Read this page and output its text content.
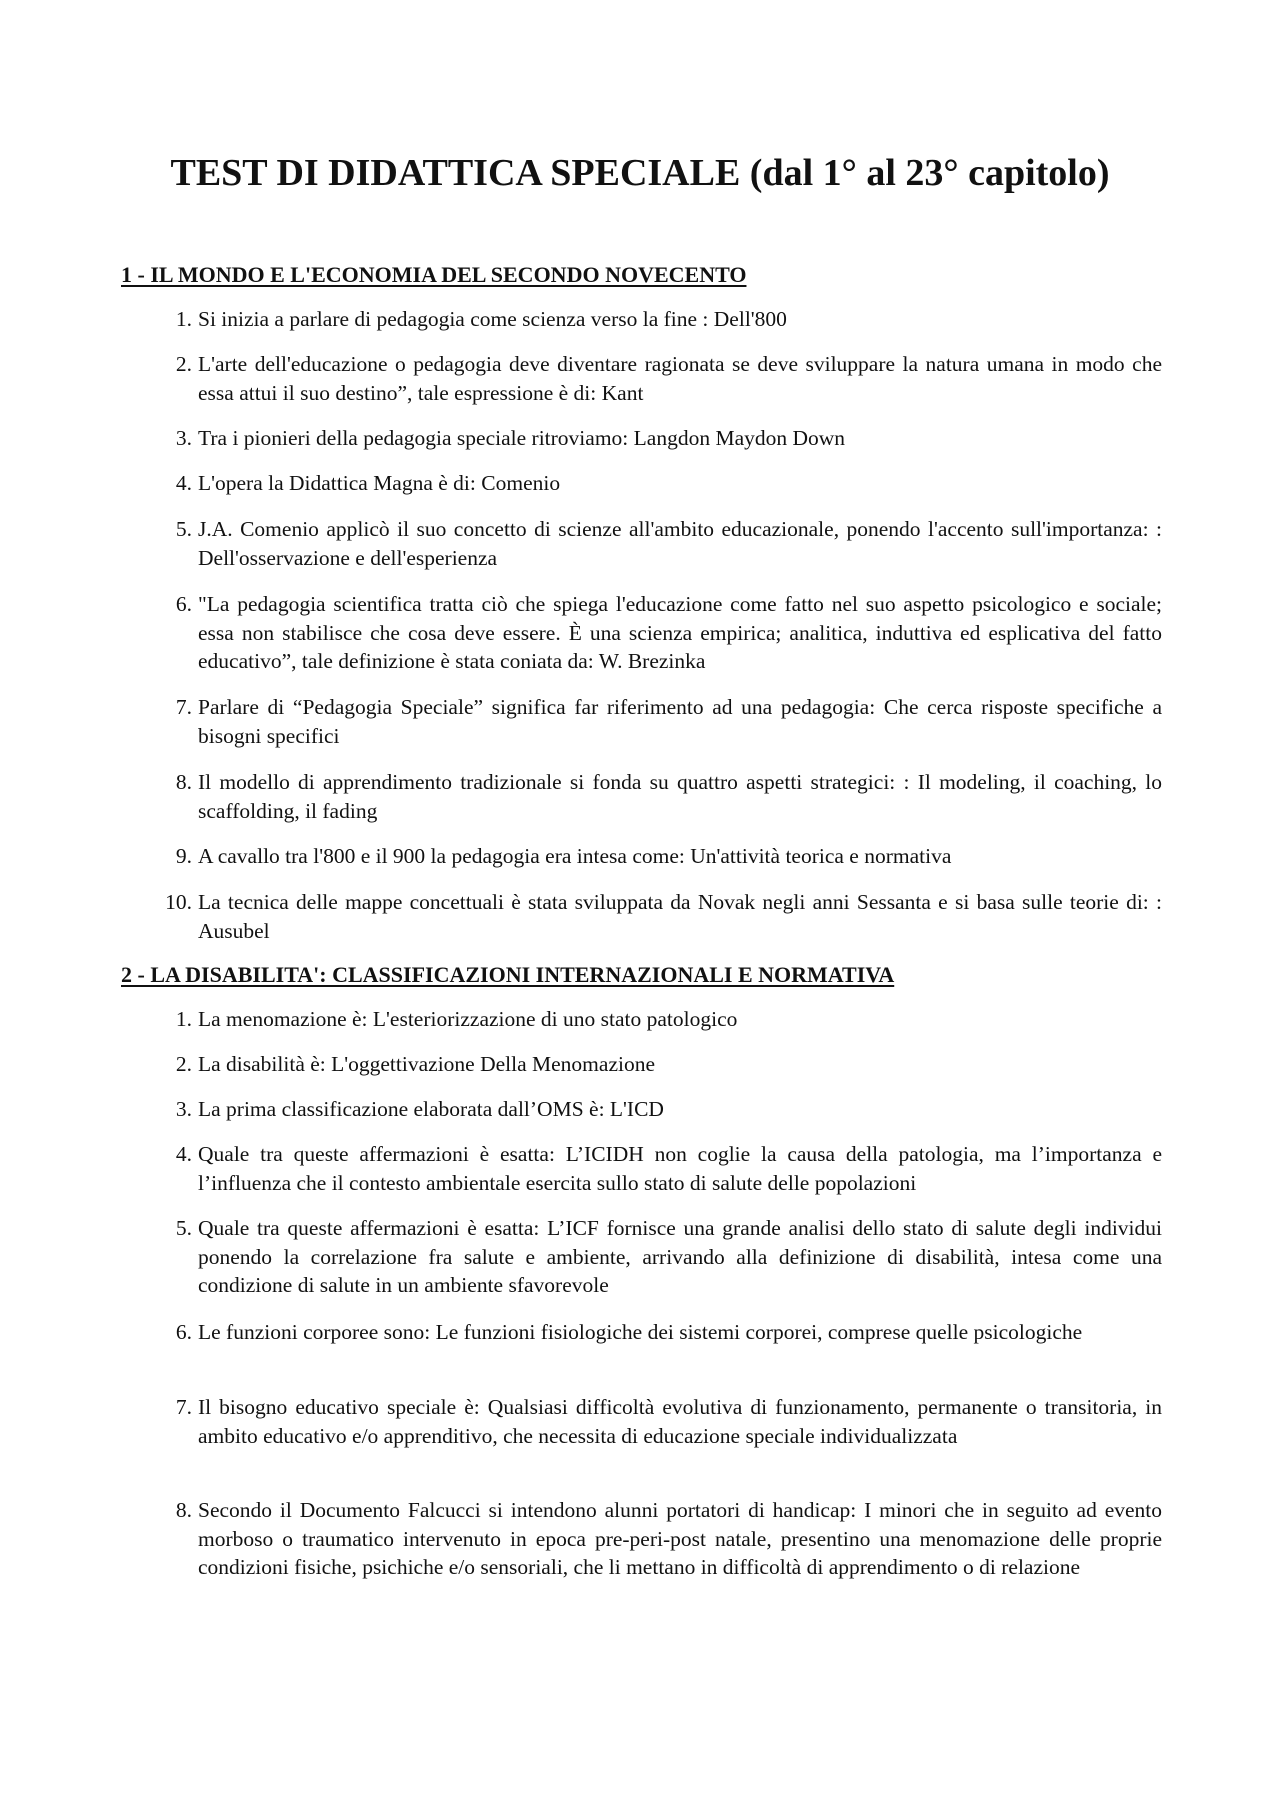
TEST DI DIDATTICA SPECIALE (dal 1° al 23° capitolo)
1 - IL MONDO E L'ECONOMIA DEL SECONDO NOVECENTO
1. Si inizia a parlare di pedagogia come scienza verso la fine : Dell'800
2. L'arte dell'educazione o pedagogia deve diventare ragionata se deve sviluppare la natura umana in modo che essa attui il suo destino”, tale espressione è di: Kant
3. Tra i pionieri della pedagogia speciale ritroviamo: Langdon Maydon Down
4. L'opera la Didattica Magna è di: Comenio
5. J.A. Comenio applicò il suo concetto di scienze all'ambito educazionale, ponendo l'accento sull'importanza: : Dell'osservazione e dell'esperienza
6. "La pedagogia scientifica tratta ciò che spiega l'educazione come fatto nel suo aspetto psicologico e sociale; essa non stabilisce che cosa deve essere. È una scienza empirica; analitica, induttiva ed esplicativa del fatto educativo”, tale definizione è stata coniata da: W. Brezinka
7. Parlare di “Pedagogia Speciale” significa far riferimento ad una pedagogia: Che cerca risposte specifiche a bisogni specifici
8. Il modello di apprendimento tradizionale si fonda su quattro aspetti strategici: : Il modeling, il coaching, lo scaffolding, il fading
9. A cavallo tra l'800 e il 900 la pedagogia era intesa come: Un'attività teorica e normativa
10. La tecnica delle mappe concettuali è stata sviluppata da Novak negli anni Sessanta e si basa sulle teorie di: : Ausubel
2 - LA DISABILITA': CLASSIFICAZIONI INTERNAZIONALI E NORMATIVA
1. La menomazione è: L'esteriorizzazione di uno stato patologico
2. La disabilità è: L'oggettivazione Della Menomazione
3. La prima classificazione elaborata dall’OMS è: L'ICD
4. Quale tra queste affermazioni è esatta: L’ICIDH non coglie la causa della patologia, ma l’importanza e l’influenza che il contesto ambientale esercita sullo stato di salute delle popolazioni
5. Quale tra queste affermazioni è esatta: L’ICF fornisce una grande analisi dello stato di salute degli individui ponendo la correlazione fra salute e ambiente, arrivando alla definizione di disabilità, intesa come una condizione di salute in un ambiente sfavorevole
6. Le funzioni corporee sono: Le funzioni fisiologiche dei sistemi corporei, comprese quelle psicologiche
7. Il bisogno educativo speciale è: Qualsiasi difficoltà evolutiva di funzionamento, permanente o transitoria, in ambito educativo e/o apprenditivo, che necessita di educazione speciale individualizzata
8. Secondo il Documento Falcucci si intendono alunni portatori di handicap: I minori che in seguito ad evento morboso o traumatico intervenuto in epoca pre-peri-post natale, presentino una menomazione delle proprie condizioni fisiche, psichiche e/o sensoriali, che li mettano in difficoltà di apprendimento o di relazione
